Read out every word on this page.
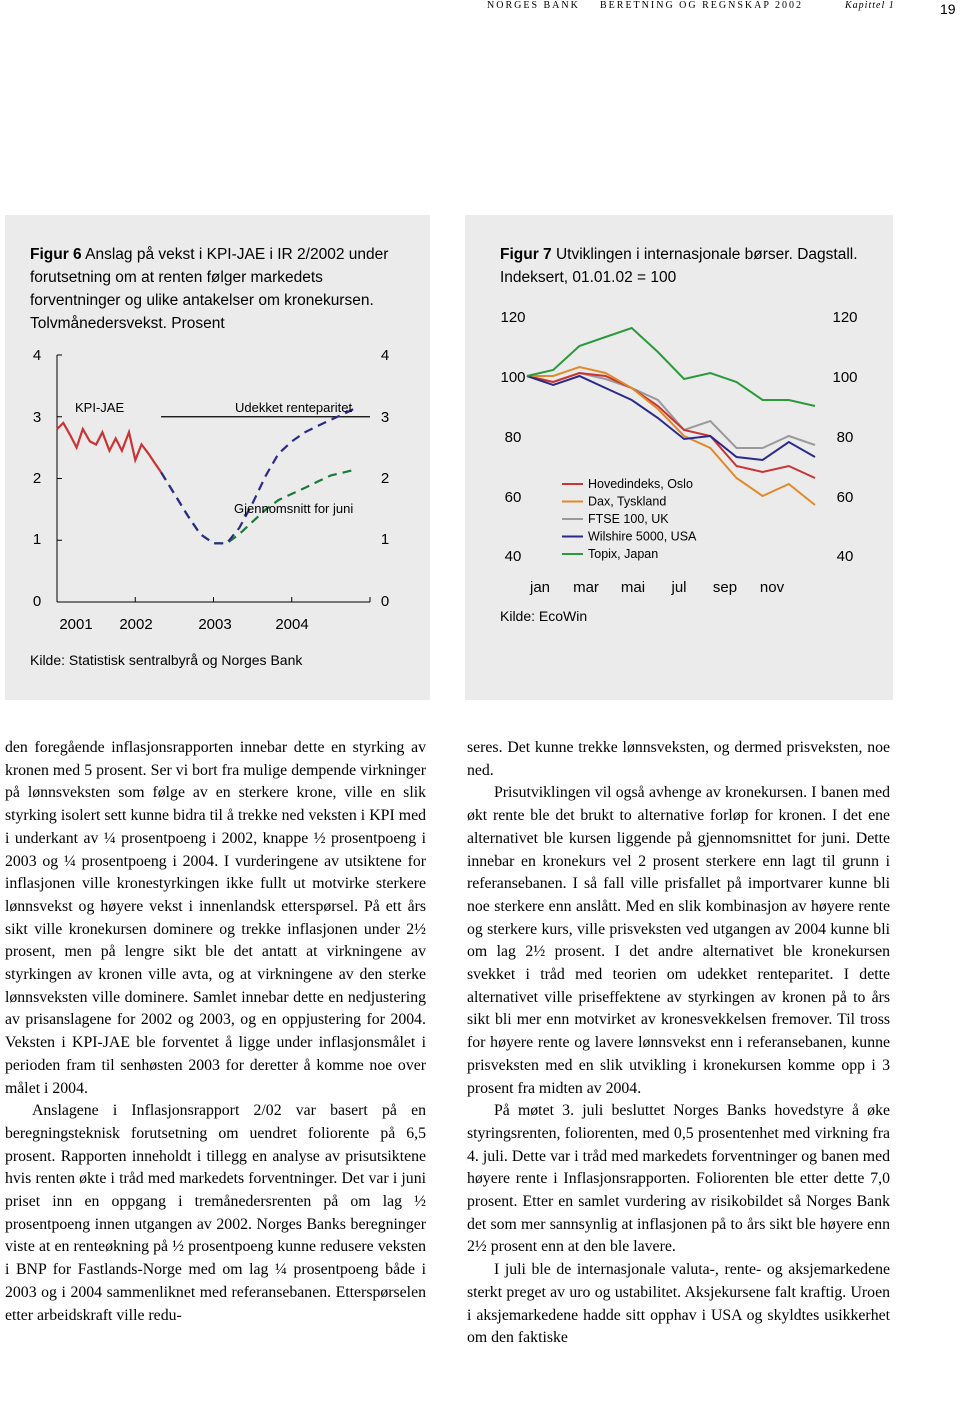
NORGES BANK BERETNING OG REGNSKAP 2002	Kapittel 1	19
Figur 6 Anslag på vekst i KPI-JAE i IR 2/2002 under forutsetning om at renten følger markedets forventninger og ulike antakelser om kronekursen. Tolvmånedersvekst. Prosent
4
3
2
1
0
4
3
2
1
0
2001 2002	2003	2004
KPI-JAE	Udekket renteparitet
Gjennomsnitt for juni
Kilde: Statistisk sentralbyrå og Norges Bank
Figur 7 Utviklingen i internasjonale børser. Dagstall. Indeksert, 01.01.02 = 100
120
100
80
60
40
120
100
80
60
40
Hovedindeks, Oslo
Dax, Tyskland
FTSE 100, UK
Wilshire 5000, USA
Topix, Japan
jan mar mai jul sep nov
Kilde: EcoWin

den foregående inflasjonsrapporten innebar dette en styrking av kronen med 5 prosent. Ser vi bort fra mulige dempende virkninger på lønnsveksten som følge av en sterkere krone, ville en slik styrking isolert sett kunne bidra til å trekke ned veksten i KPI med i underkant av ¼ prosentpoeng i 2002, knappe ½ prosentpoeng i 2003 og ¼ prosentpoeng i 2004. I vurderingene av utsiktene for inflasjonen ville kronestyrkingen ikke fullt ut motvirke sterkere lønnsvekst og høyere vekst i innenlandsk etterspørsel. På ett års sikt ville kronekursen dominere og trekke inflasjonen under 2½ prosent, men på lengre sikt ble det antatt at virkningene av styrkingen av kronen ville avta, og at virkningene av den sterke lønnsveksten ville dominere. Samlet innebar dette en nedjustering av prisanslagene for 2002 og 2003, og en oppjustering for 2004. Veksten i KPI-JAE ble forventet å ligge under inflasjonsmålet i perioden fram til senhøsten 2003 for deretter å komme noe over målet i 2004.

Anslagene i Inflasjonsrapport 2/02 var basert på en beregningsteknisk forutsetning om uendret foliorente på 6,5 prosent. Rapporten inneholdt i tillegg en analyse av prisutsiktene hvis renten økte i tråd med markedets forventninger. Det var i juni priset inn en oppgang i tremånedersrenten på om lag ½ prosentpoeng innen utgangen av 2002. Norges Banks beregninger viste at en renteøkning på ½ prosentpoeng kunne redusere veksten i BNP for Fastlands-Norge med om lag ¼ prosentpoeng både i 2003 og i 2004 sammenliknet med referansebanen. Etterspørselen etter arbeidskraft ville redu-

seres. Det kunne trekke lønnsveksten, og dermed prisveksten, noe ned.

Prisutviklingen vil også avhenge av kronekursen. I banen med økt rente ble det brukt to alternative forløp for kronen. I det ene alternativet ble kursen liggende på gjennomsnittet for juni. Dette innebar en kronekurs vel 2 prosent sterkere enn lagt til grunn i referansebanen. I så fall ville prisfallet på importvarer kunne bli noe sterkere enn anslått. Med en slik kombinasjon av høyere rente og sterkere kurs, ville prisveksten ved utgangen av 2004 kunne bli om lag 2½ prosent. I det andre alternativet ble kronekursen svekket i tråd med teorien om udekket renteparitet. I dette alternativet ville priseffektene av styrkingen av kronen på to års sikt bli mer enn motvirket av kronesvekkelsen fremover. Til tross for høyere rente og lavere lønnsvekst enn i referansebanen, kunne prisveksten med en slik utvikling i kronekursen komme opp i 3 prosent fra midten av 2004.

På møtet 3. juli besluttet Norges Banks hovedstyre å øke styringsrenten, foliorenten, med 0,5 prosentenhet med virkning fra 4. juli. Dette var i tråd med markedets forventninger og banen med høyere rente i Inflasjonsrapporten. Foliorenten ble etter dette 7,0 prosent. Etter en samlet vurdering av risikobildet så Norges Bank det som mer sannsynlig at inflasjonen på to års sikt ble høyere enn 2½ prosent enn at den ble lavere.

I juli ble de internasjonale valuta-, rente- og aksjemarkedene sterkt preget av uro og ustabilitet. Aksjekursene falt kraftig. Uroen i aksjemarkedene hadde sitt opphav i USA og skyldtes usikkerhet om den faktiske
